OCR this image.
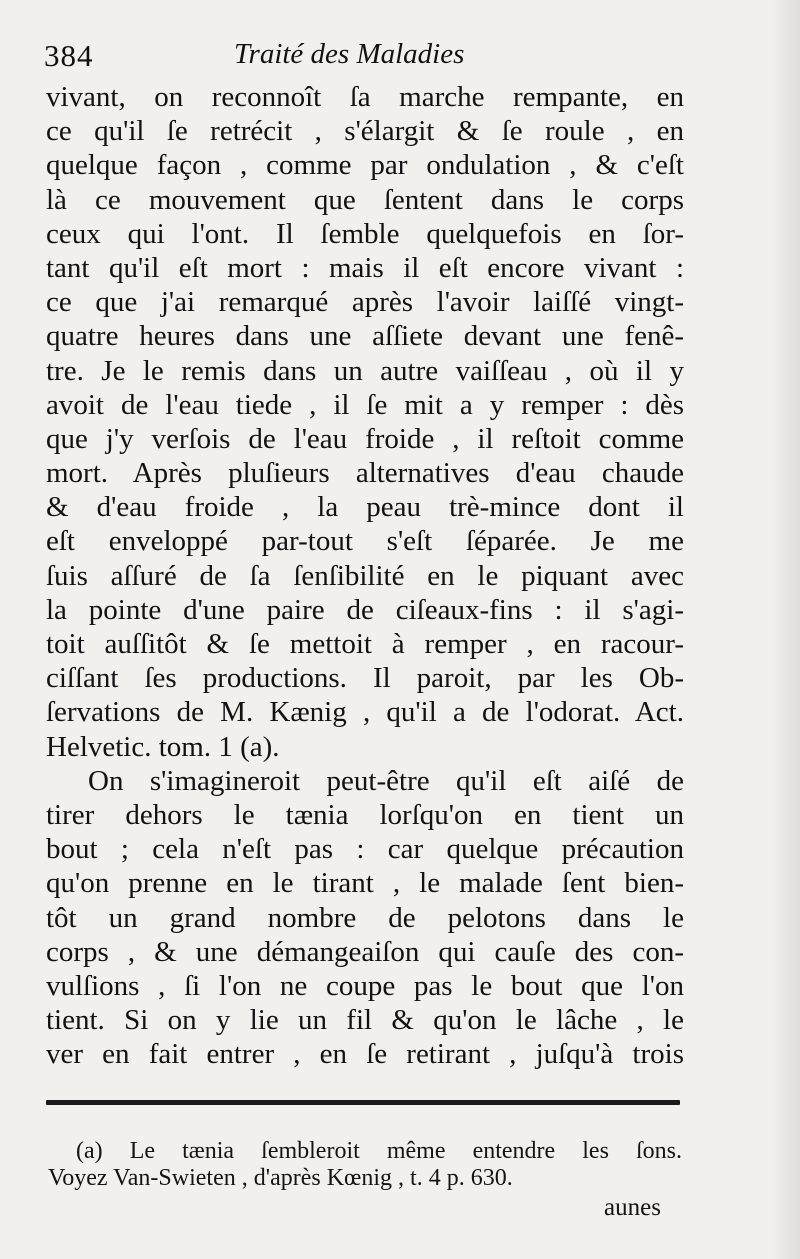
384	Traité des Maladies
vivant, on reconnoît ſa marche rempante, en
ce qu'il ſe retrécit , s'élargit & ſe roule , en
quelque façon , comme par ondulation , & c'eſt
là ce mouvement que ſentent dans le corps
ceux qui l'ont. Il ſemble quelquefois en ſor-
tant qu'il eſt mort : mais il eſt encore vivant :
ce que j'ai remarqué après l'avoir laiſſé vingt-
quatre heures dans une aſſiete devant une fenê-
tre. Je le remis dans un autre vaiſſeau , où il y
avoit de l'eau tiede , il ſe mit a y remper : dès
que j'y verſois de l'eau froide , il reſtoit comme
mort. Après pluſieurs alternatives d'eau chaude
& d'eau froide , la peau trè-mince dont il
eſt enveloppé par-tout s'eſt ſéparée. Je me
ſuis aſſuré de ſa ſenſibilité en le piquant avec
la pointe d'une paire de ciſeaux-fins : il s'agi-
toit auſſitôt & ſe mettoit à remper , en racour-
ciſſant ſes productions. Il paroit, par les Ob-
ſervations de M. Kænig , qu'il a de l'odorat. Act.
Helvetic. tom. 1 (a).
On s'imagineroit peut-être qu'il eſt aiſé de
tirer dehors le tænia lorſqu'on en tient un
bout ; cela n'eſt pas : car quelque précaution
qu'on prenne en le tirant , le malade ſent bien-
tôt un grand nombre de pelotons dans le
corps , & une démangeaiſon qui cauſe des con-
vulſions , ſi l'on ne coupe pas le bout que l'on
tient. Si on y lie un fil & qu'on le lâche , le
ver en fait entrer , en ſe retirant , juſqu'à trois
(a) Le tænia ſembleroit même entendre les ſons.
Voyez Van-Swieten , d'après Kœnig , t. 4 p. 630.
aunes
